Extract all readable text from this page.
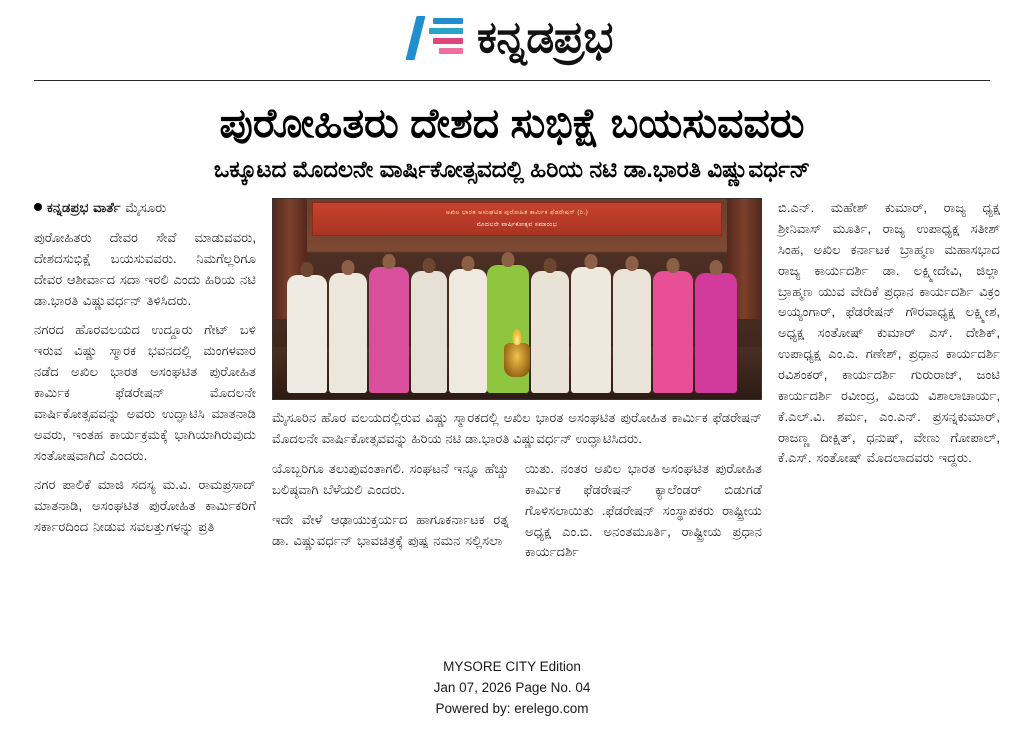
ಕನ್ನಡಪ್ರಭ
ಪುರೋಹಿತರು ದೇಶದ ಸುಭಿಕ್ಷೆ ಬಯಸುವವರು
ಒಕ್ಕೂಟದ ಮೊದಲನೇ ವಾರ್ಷಿಕೋತ್ಸವದಲ್ಲಿ ಹಿರಿಯ ನಟಿ ಡಾ.ಭಾರತಿ ವಿಷ್ಣುವರ್ಧನ್

ಕನ್ನಡಪ್ರಭ ವಾರ್ತೆ ಮೈಸೂರು

ಪುರೋಹಿತರು ದೇವರ ಸೇವೆ ಮಾಡುವವರು, ದೇಶದಸುಭಿಕ್ಷೆ ಬಯಸುವವರು. ನಿಮಗೆಲ್ಲರಿಗೂ ದೇವರ ಆಶೀರ್ವಾದ ಸದಾ ಇರಲಿ ಎಂದು ಹಿರಿಯ ನಟಿ ಡಾ.ಭಾರತಿ ವಿಷ್ಣುವರ್ಧನ್ ತಿಳಿಸಿದರು.

ನಗರದ ಹೊರವಲಯದ ಉದ್ದೂರು ಗೇಟ್ ಬಳಿ ಇರುವ ವಿಷ್ಣು ಸ್ಮಾರಕ ಭವನದಲ್ಲಿ ಮಂಗಳವಾರ ನಡೆದ ಅಖಿಲ ಭಾರತ ಅಸಂಘಟಿತ ಪುರೋಹಿತ ಕಾರ್ಮಿಕ ಫೆಡರೇಷನ್ ಮೊದಲನೇ ವಾರ್ಷಿಕೋತ್ಸವವನ್ನು ಅವರು ಉದ್ಘಾಟಿಸಿ ಮಾತನಾಡಿ ಅವರು, ಇಂತಹ ಕಾರ್ಯಕ್ರಮಕ್ಕೆ ಭಾಗಿಯಾಗಿರುವುದು ಸಂತೋಷವಾಗಿದೆ ಎಂದರು.

ನಗರ ಪಾಲಿಕೆ ಮಾಜಿ ಸದಸ್ಯ ಮ.ವಿ. ರಾಮಪ್ರಸಾದ್ ಮಾತನಾಡಿ, ಅಸಂಘಟಿತ ಪುರೋಹಿತ ಕಾರ್ಮಿಕರಿಗೆ ಸರ್ಕಾರದಿಂದ ನೀಡುವ ಸವಲತ್ತುಗಳನ್ನು ಪ್ರತಿ

ಅಖಿಲ ಭಾರತ ಅಸಂಘಟಿತ ಪುರೋಹಿತ ಕಾರ್ಮಿಕ ಫೆಡರೇಷನ್ (ರಿ.)
ಮೊದಲನೇ ವಾರ್ಷಿಕೋತ್ಸವ ಸಮಾರಂಭ

ಮೈಸೂರಿನ ಹೊರ ವಲಯದಲ್ಲಿರುವ ವಿಷ್ಣು ಸ್ಮಾರಕದಲ್ಲಿ ಅಖಿಲ ಭಾರತ ಅಸಂಘಟಿತ ಪುರೋಹಿತ ಕಾರ್ಮಿಕ ಫೆಡರೇಷನ್ ಮೊದಲನೇ ವಾರ್ಷಿಕೋತ್ಸವವನ್ನು ಹಿರಿಯ ನಟಿ ಡಾ.ಭಾರತಿ ವಿಷ್ಣುವರ್ಧನ್ ಉದ್ಘಾಟಿಸಿದರು.

ಯೊಬ್ಬರಿಗೂ ತಲುಪುವಂತಾಗಲಿ. ಸಂಘಟನೆ ಇನ್ನೂ ಹೆಚ್ಚು ಬಲಿಷ್ಠವಾಗಿ ಬೆಳೆಯಲಿ ಎಂದರು.

ಇದೇ ವೇಳೆ ಆಢಾಯುಕ್ತರ್ಯದ ಹಾಗೂಕರ್ನಾಟಕ ರತ್ನ ಡಾ. ವಿಷ್ಣುವರ್ಧನ್ ಭಾವಚಿತ್ರಕ್ಕೆ ಪುಷ್ಪ ನಮನ ಸಲ್ಲಿಸಲಾ

ಯಿತು. ನಂತರ ಅಖಿಲ ಭಾರತ ಅಸಂಘಟಿತ ಪುರೋಹಿತ ಕಾರ್ಮಿಕ ಫೆಡರೇಷನ್ ಕ್ಯಾಲೆಂಡರ್ ಬಿಡುಗಡೆ ಗೊಳಿಸಲಾಯಿತು .ಫೆಡರೇಷನ್ ಸಂಸ್ಥಾಪಕರು ರಾಷ್ಟ್ರೀಯ ಅಧ್ಯಕ್ಷ ಎಂ.ಬಿ. ಅನಂತಮೂರ್ತಿ, ರಾಷ್ಟ್ರೀಯ ಪ್ರಧಾನ ಕಾರ್ಯದರ್ಶಿ

ಬಿ.ಎನ್. ಮಹೇಶ್ ಕುಮಾರ್, ರಾಜ್ಯ ಧ್ಯಕ್ಷ ಶ್ರೀನಿವಾಸ್ ಮೂರ್ತಿ, ರಾಜ್ಯ ಉಪಾಧ್ಯಕ್ಷ ಸತೀಶ್ ಸಿಂಹ, ಅಖಿಲ ಕರ್ನಾಟಕ ಬ್ರಾಹ್ಮಣ ಮಹಾಸಭಾದ ರಾಜ್ಯ ಕಾರ್ಯದರ್ಶಿ ಡಾ. ಲಕ್ಷ್ಮೀದೇವಿ, ಜಿಲ್ಲಾ ಬ್ರಾಹ್ಮಣ ಯುವ ವೇದಿಕೆ ಪ್ರಧಾನ ಕಾರ್ಯದರ್ಶಿ ವಿಕ್ರಂ ಅಯ್ಯಂಗಾರ್, ಫೆಡರೇಷನ್ ಗೌರವಾಧ್ಯಕ್ಷ ಲಕ್ಷ್ಮೀಶ, ಅಧ್ಯಕ್ಷ ಸಂತೋಷ್ ಕುಮಾರ್ ಎಸ್. ದೇಶಿಕ್, ಉಪಾಧ್ಯಕ್ಷ ಎಂ.ಎ. ಗಣೇಶ್, ಪ್ರಧಾನ ಕಾರ್ಯದರ್ಶಿ ರವಿಶಂಕರ್, ಕಾರ್ಯದರ್ಶಿ ಗುರುರಾಜ್, ಜಂಟಿ ಕಾರ್ಯದರ್ಶಿ ರವೀಂದ್ರ, ವಿಜಯ ವಿಶಾಲಾಚಾರ್ಯ, ಕೆ.ಎಲ್.ವಿ. ಶರ್ಮ, ಎಂ.ಎನ್. ಪ್ರಸನ್ನಕುಮಾರ್, ರಾಜಣ್ಣ ದೀಕ್ಷಿತ್, ಧನುಷ್, ವೇಣು ಗೋಪಾಲ್, ಕೆ.ಎಸ್. ಸಂತೋಷ್ ಮೊದಲಾದವರು ಇದ್ದರು.

MYSORE CITY Edition
Jan 07, 2026 Page No. 04
Powered by: erelego.com
